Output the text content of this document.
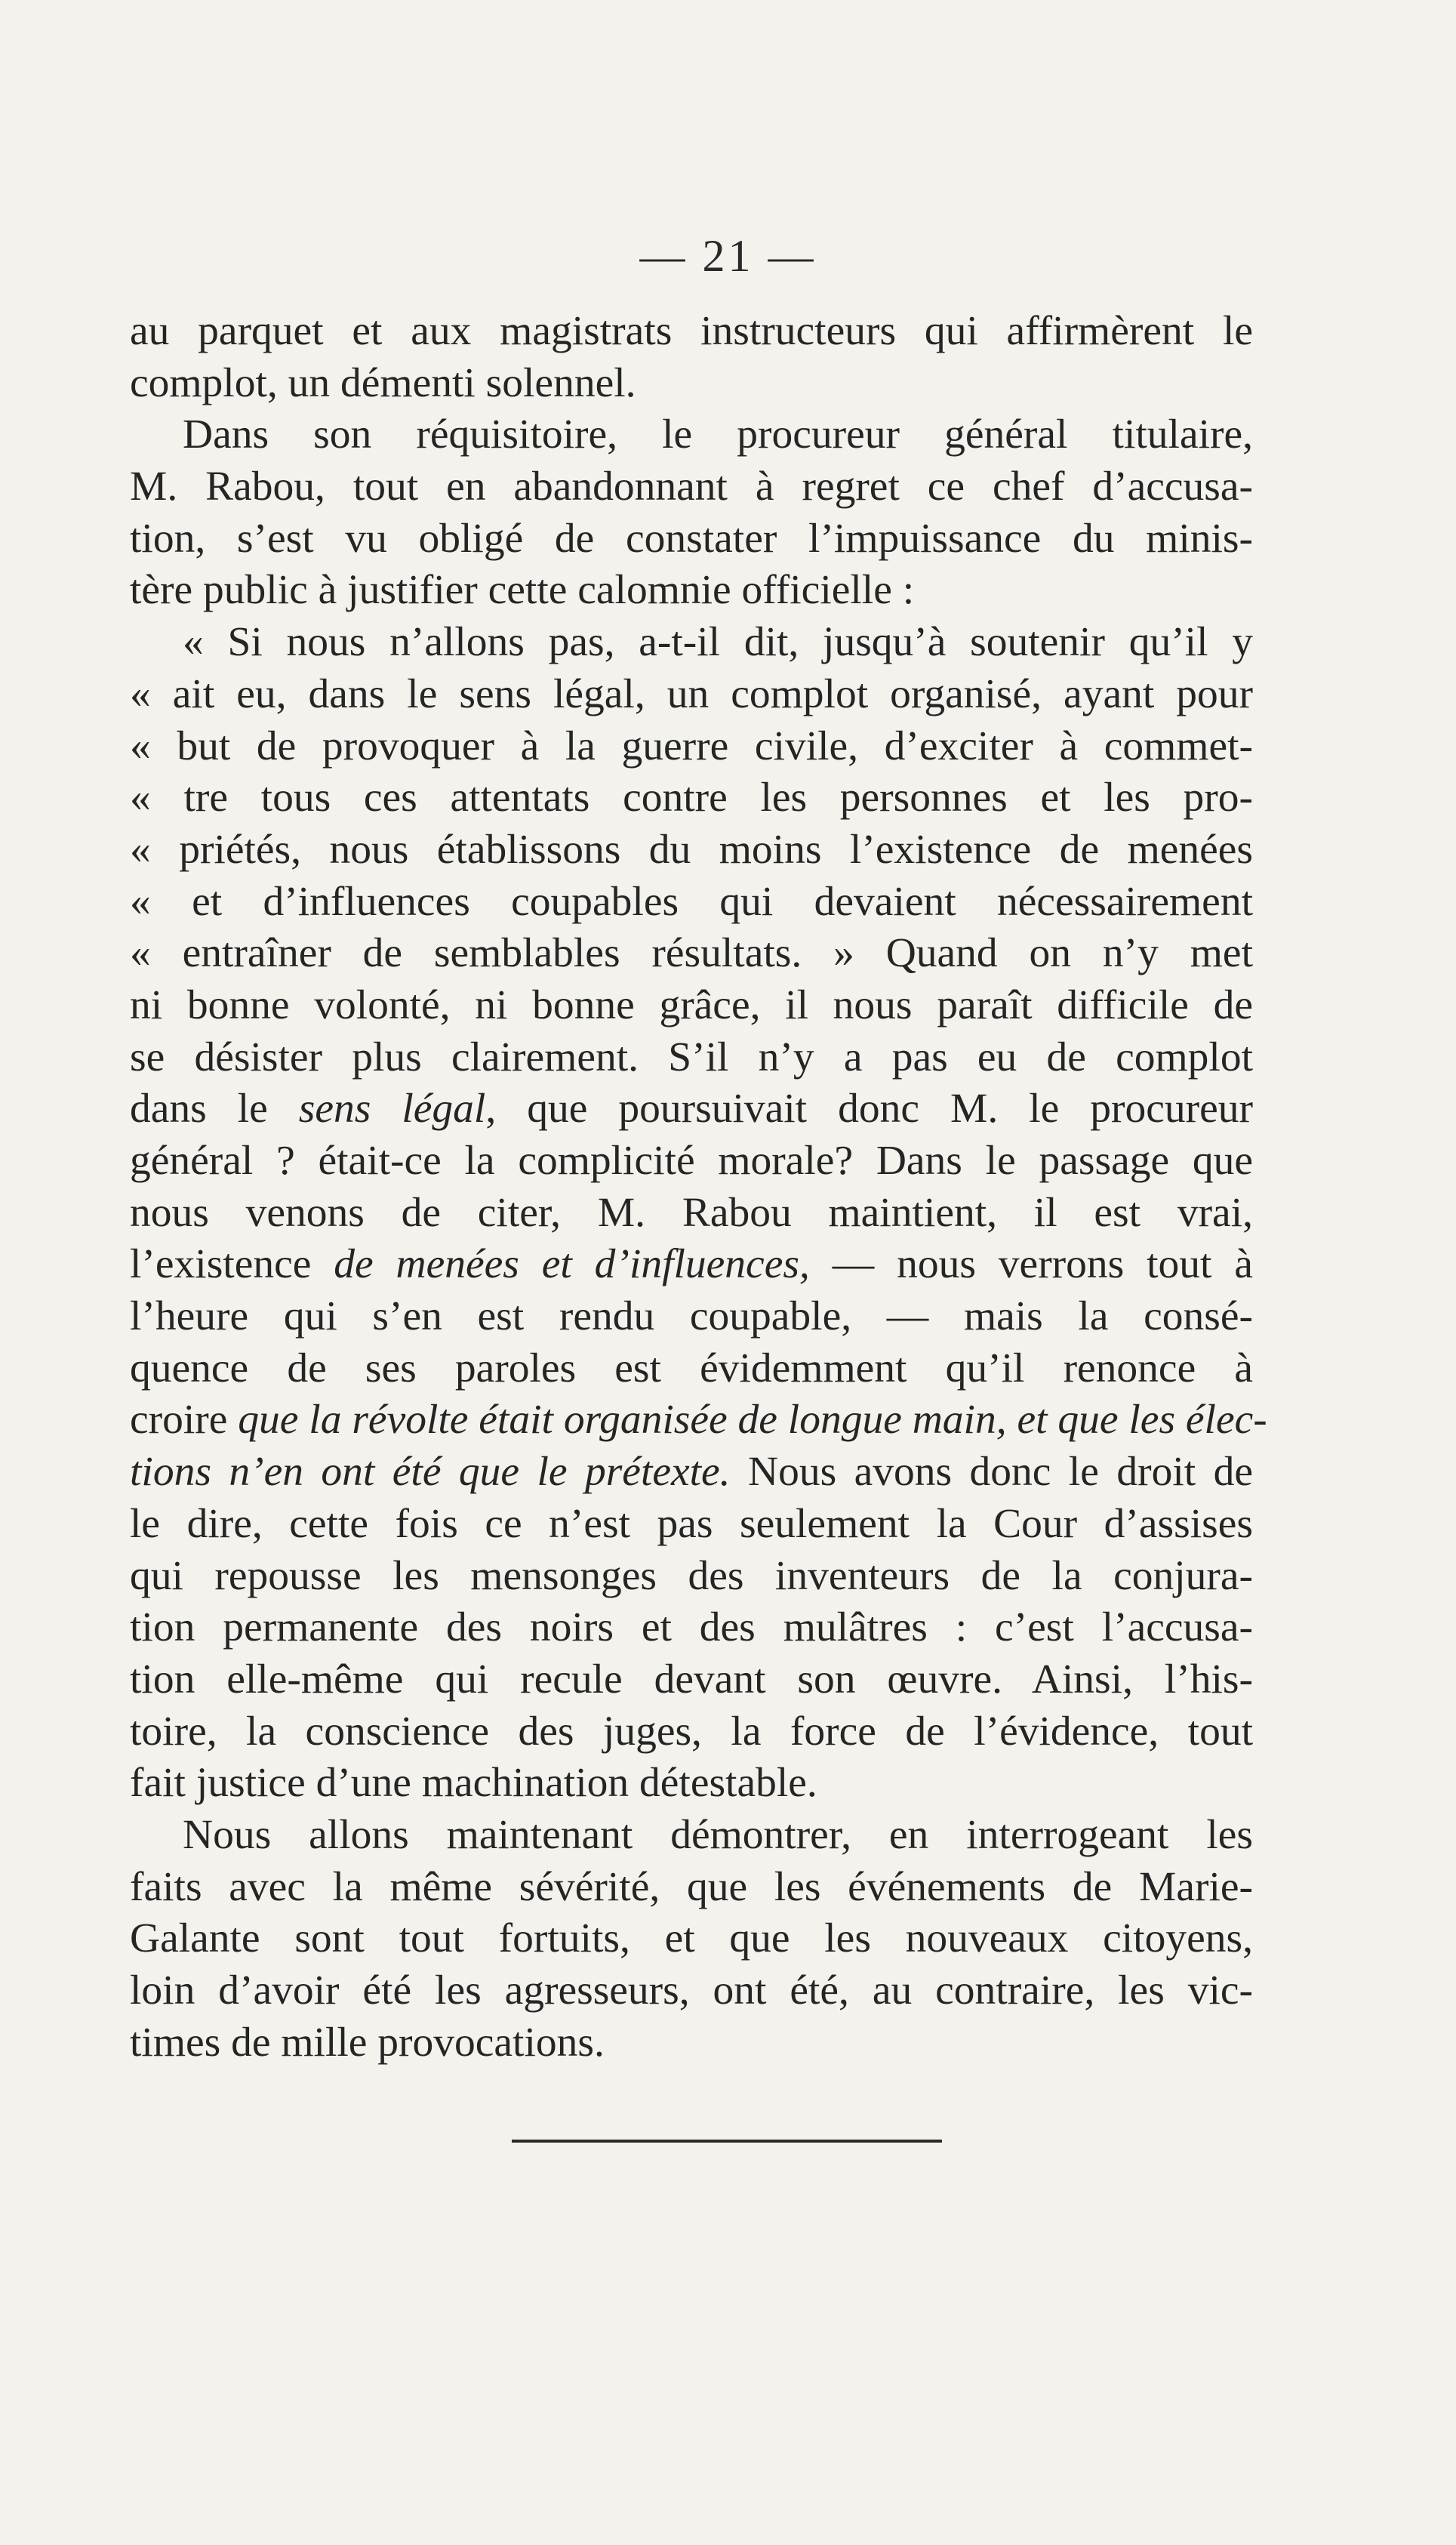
— 21 —
au parquet et aux magistrats instructeurs qui affirmèrent le
complot, un démenti solennel.
Dans son réquisitoire, le procureur général titulaire,
M. Rabou, tout en abandonnant à regret ce chef d’accusa-
tion, s’est vu obligé de constater l’impuissance du minis-
tère public à justifier cette calomnie officielle :
« Si nous n’allons pas, a-t-il dit, jusqu’à soutenir qu’il y
« ait eu, dans le sens légal, un complot organisé, ayant pour
« but de provoquer à la guerre civile, d’exciter à commet-
« tre tous ces attentats contre les personnes et les pro-
« priétés, nous établissons du moins l’existence de menées
« et d’influences coupables qui devaient nécessairement
« entraîner de semblables résultats. » Quand on n’y met
ni bonne volonté, ni bonne grâce, il nous paraît difficile de
se désister plus clairement. S’il n’y a pas eu de complot
dans le sens légal, que poursuivait donc M. le procureur
général ? était-ce la complicité morale? Dans le passage que
nous venons de citer, M. Rabou maintient, il est vrai,
l’existence de menées et d’influences, — nous verrons tout à
l’heure qui s’en est rendu coupable, — mais la consé-
quence de ses paroles est évidemment qu’il renonce à
croire que la révolte était organisée de longue main, et que les élec-
tions n’en ont été que le prétexte. Nous avons donc le droit de
le dire, cette fois ce n’est pas seulement la Cour d’assises
qui repousse les mensonges des inventeurs de la conjura-
tion permanente des noirs et des mulâtres : c’est l’accusa-
tion elle-même qui recule devant son œuvre. Ainsi, l’his-
toire, la conscience des juges, la force de l’évidence, tout
fait justice d’une machination détestable.
Nous allons maintenant démontrer, en interrogeant les
faits avec la même sévérité, que les événements de Marie-
Galante sont tout fortuits, et que les nouveaux citoyens,
loin d’avoir été les agresseurs, ont été, au contraire, les vic-
times de mille provocations.
